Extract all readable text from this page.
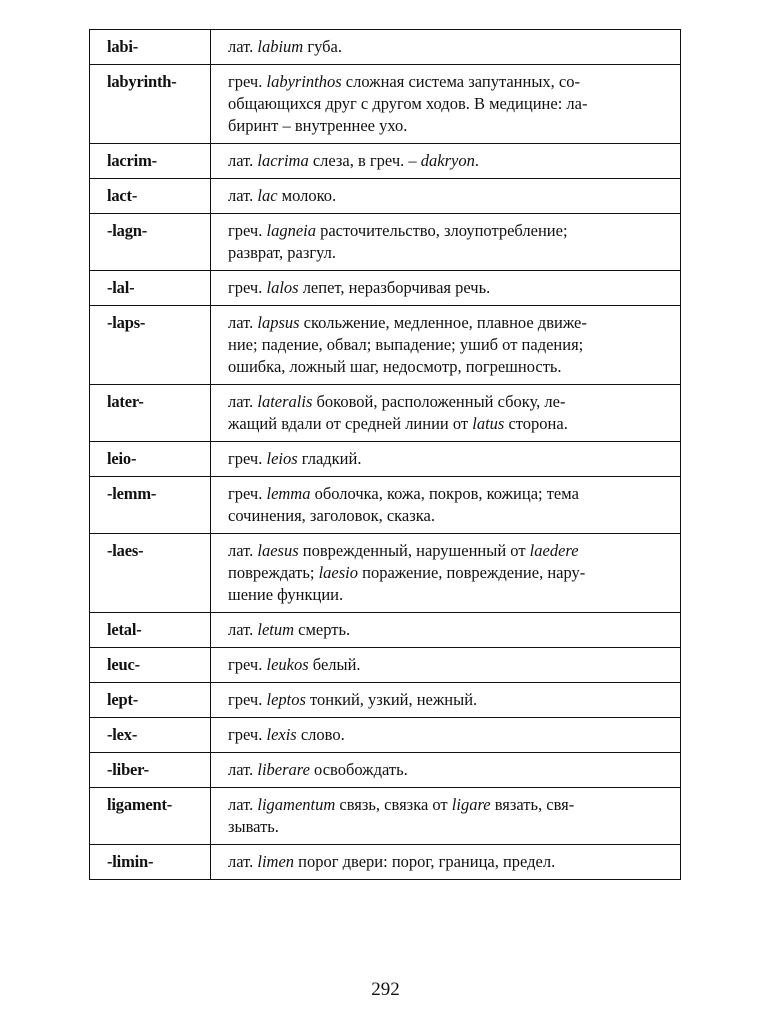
labi-	лат. labium губа.
labyrinth-	греч. labyrinthos сложная система запутанных, со-
общающихся друг с другом ходов. В медицине: ла-
биринт – внутреннее ухо.
lacrim-	лат. lacrima слеза, в греч. – dakryon.
lact-	лат. lac молоко.
-lagn-	греч. lagneia расточительство, злоупотребление;
разврат, разгул.
-lal-	греч. lalos лепет, неразборчивая речь.
-laps-	лат. lapsus скольжение, медленное, плавное движе-
ние; падение, обвал; выпадение; ушиб от падения;
ошибка, ложный шаг, недосмотр, погрешность.
later-	лат. lateralis боковой, расположенный сбоку, ле-
жащий вдали от средней линии от latus сторона.
leio-	греч. leios гладкий.
-lemm-	греч. lemma оболочка, кожа, покров, кожица; тема
сочинения, заголовок, сказка.
-laes-	лат. laesus поврежденный, нарушенный от laedere
повреждать; laesio поражение, повреждение, нару-
шение функции.
letal-	лат. letum смерть.
leuc-	греч. leukos белый.
lept-	греч. leptos тонкий, узкий, нежный.
-lex-	греч. lexis слово.
-liber-	лат. liberare освобождать.
ligament-	лат. ligamentum связь, связка от ligare вязать, свя-
зывать.
-limin-	лат. limen порог двери: порог, граница, предел.
292
